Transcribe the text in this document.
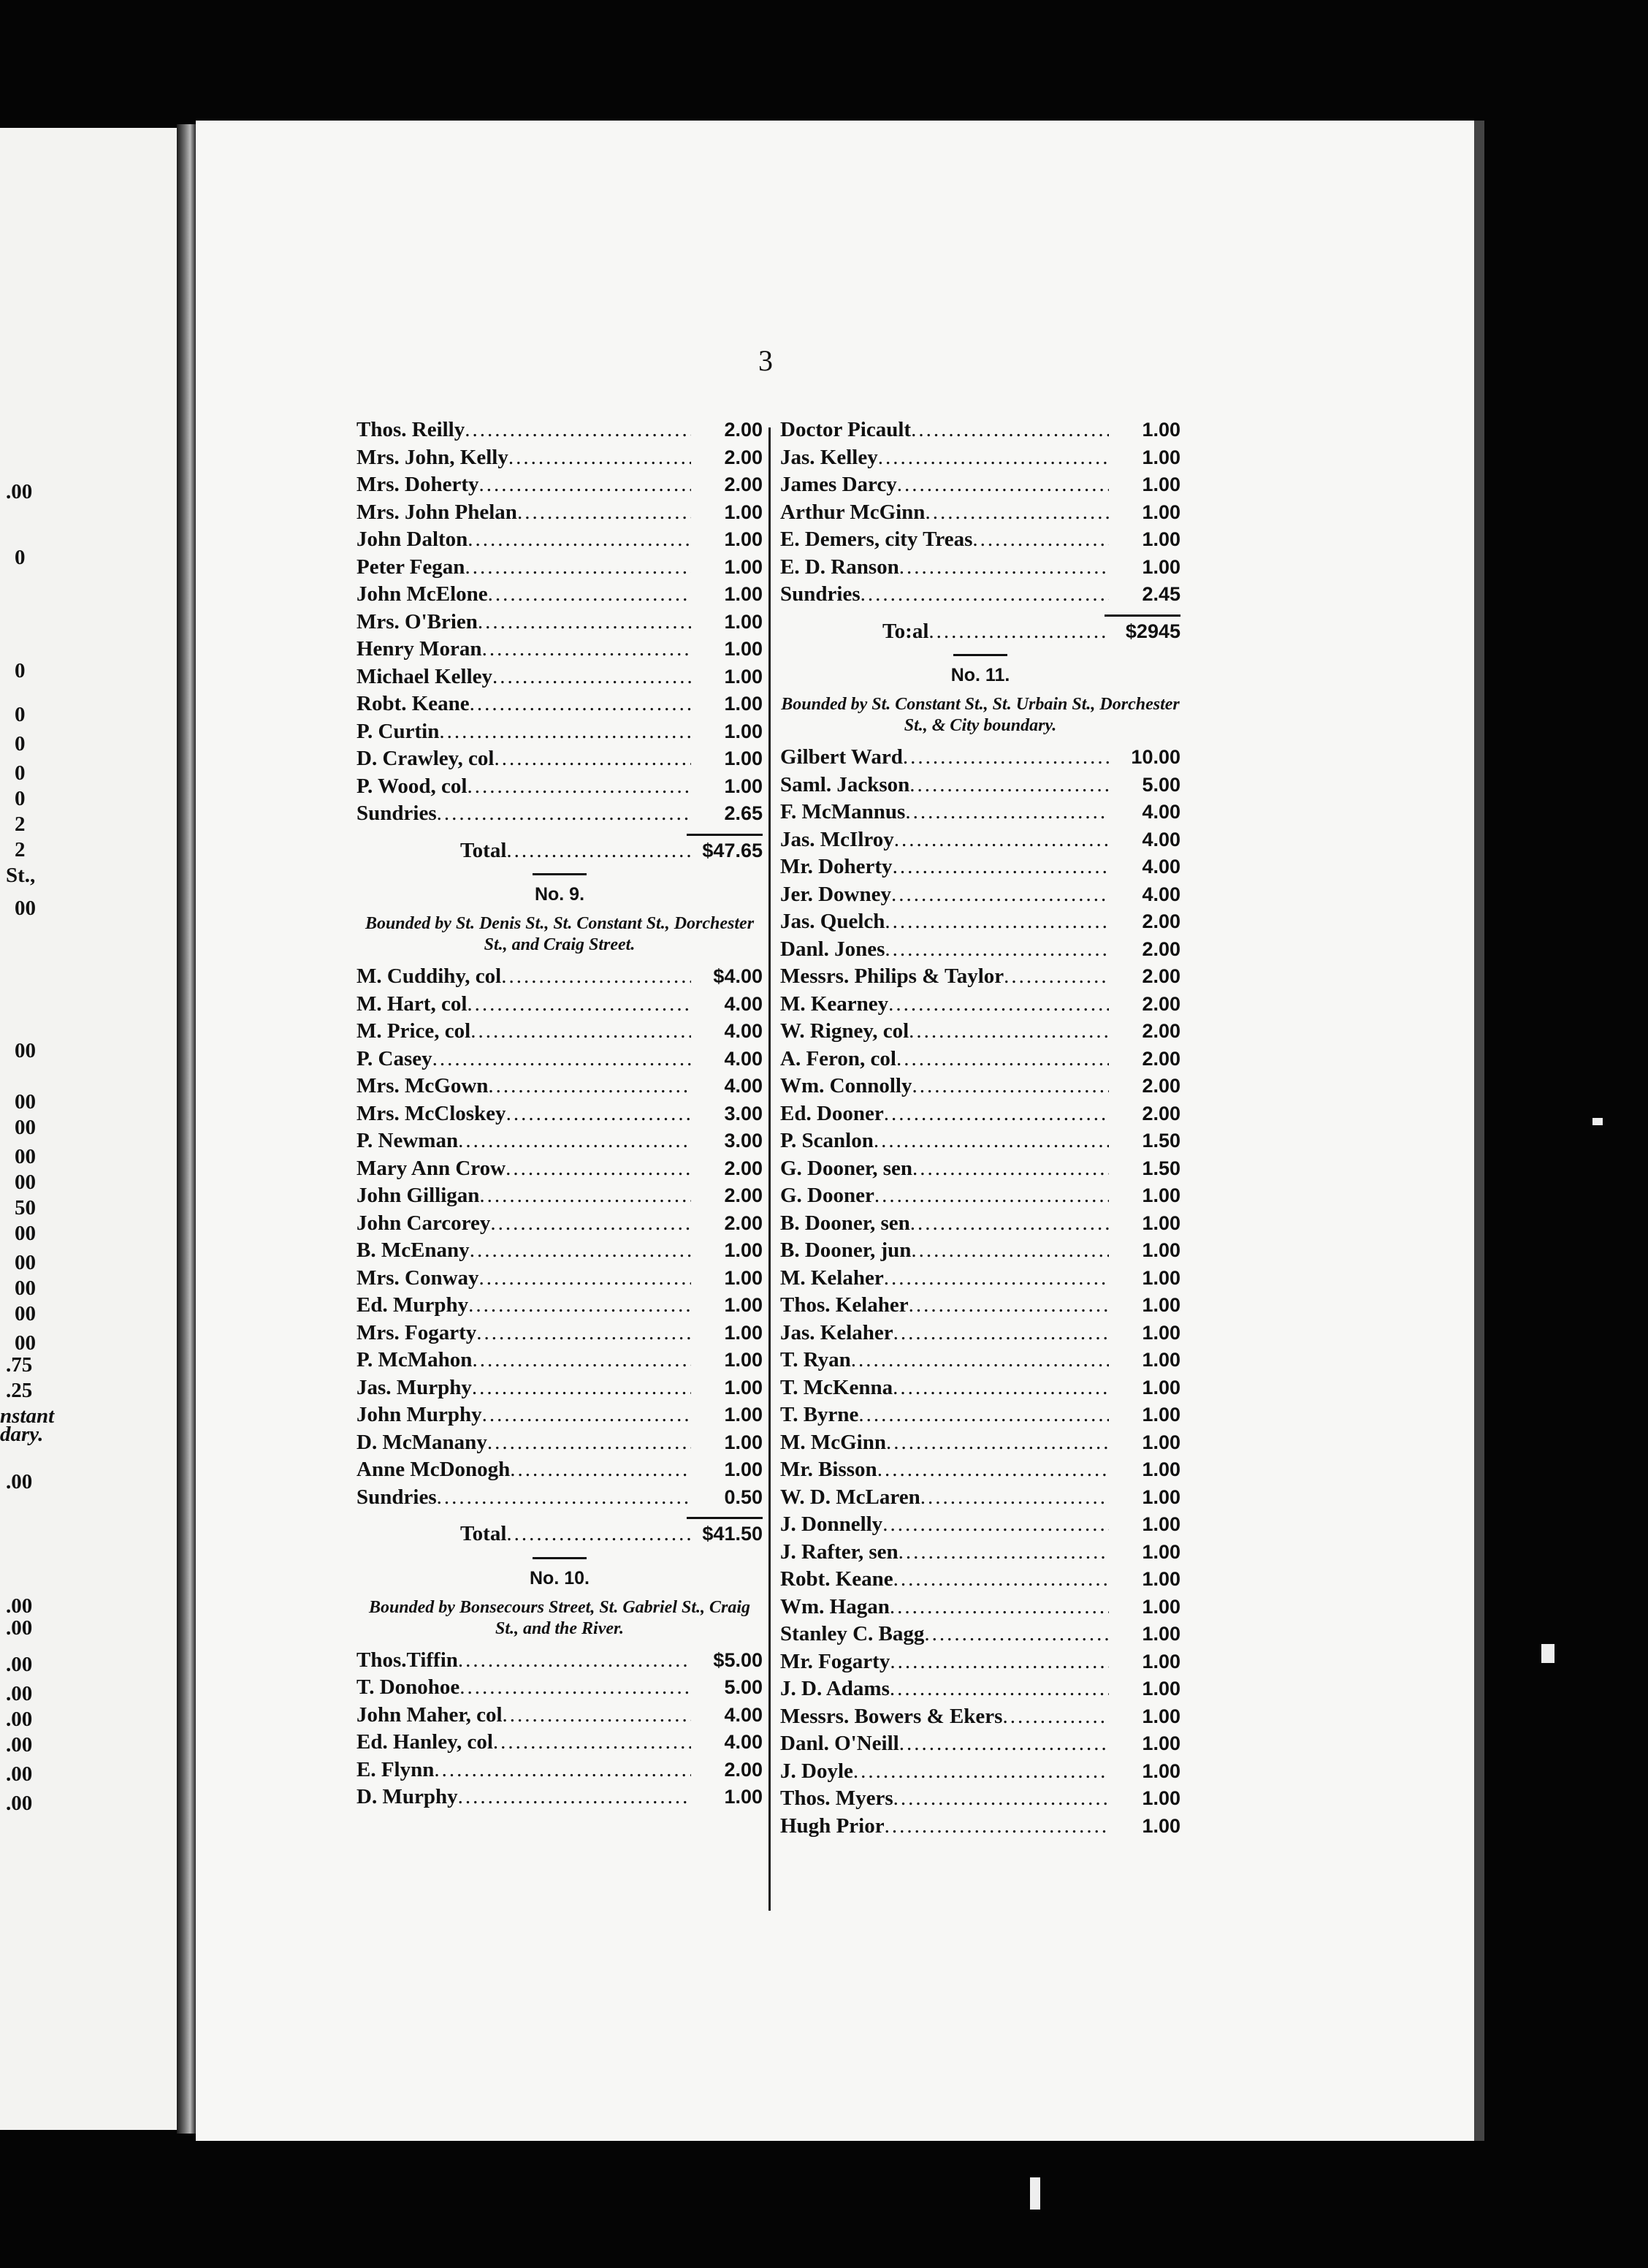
.00
0
0
0
0
0
0
2
2
St.,
00
00
00
00
00
00
50
00
00
00
00
00
.75
.25
nstant
dary.
.00
.00
.00
.00
.00
.00
.00
.00
.00
3
Thos. Reilly .....	2.00
Mrs. John, Kelly .....	2.00
Mrs. Doherty .....	2.00
Mrs. John Phelan .....	1.00
John Dalton .....	1.00
Peter Fegan .....	1.00
John McElone .....	1.00
Mrs. O'Brien .....	1.00
Henry Moran .....	1.00
Michael Kelley .....	1.00
Robt. Keane .....	1.00
P. Curtin .....	1.00
D. Crawley, col .....	1.00
P. Wood, col .....	1.00
Sundries .....	2.65
Total .....	$47.65
No. 9.
Bounded by St. Denis St., St. Constant St., Dorchester St., and Craig Street.
M. Cuddihy, col .....	$4.00
M. Hart, col .....	4.00
M. Price, col .....	4.00
P. Casey .....	4.00
Mrs. McGown .....	4.00
Mrs. McCloskey .....	3.00
P. Newman .....	3.00
Mary Ann Crow .....	2.00
John Gilligan .....	2.00
John Carcorey .....	2.00
B. McEnany .....	1.00
Mrs. Conway .....	1.00
Ed. Murphy .....	1.00
Mrs. Fogarty .....	1.00
P. McMahon .....	1.00
Jas. Murphy .....	1.00
John Murphy .....	1.00
D. McManany .....	1.00
Anne McDonogh .....	1.00
Sundries .....	0.50
Total .....	$41.50
No. 10.
Bounded by Bonsecours Street, St. Gabriel St., Craig St., and the River.
Thos.Tiffin .....	$5.00
T. Donohoe .....	5.00
John Maher, col .....	4.00
Ed. Hanley, col .....	4.00
E. Flynn .....	2.00
D. Murphy .....	1.00
Doctor Picault .....	1.00
Jas. Kelley .....	1.00
James Darcy .....	1.00
Arthur McGinn .....	1.00
E. Demers, city Treas .....	1.00
E. D. Ranson .....	1.00
Sundries .....	2.45
To:al .....	$2945
No. 11.
Bounded by St. Constant St., St. Urbain St., Dorchester St., & City boundary.
Gilbert Ward .....	10.00
Saml. Jackson .....	5.00
F. McMannus .....	4.00
Jas. McIlroy .....	4.00
Mr. Doherty .....	4.00
Jer. Downey .....	4.00
Jas. Quelch .....	2.00
Danl. Jones .....	2.00
Messrs. Philips & Taylor .....	2.00
M. Kearney .....	2.00
W. Rigney, col .....	2.00
A. Feron, col .....	2.00
Wm. Connolly .....	2.00
Ed. Dooner .....	2.00
P. Scanlon .....	1.50
G. Dooner, sen .....	1.50
G. Dooner .....	1.00
B. Dooner, sen .....	1.00
B. Dooner, jun .....	1.00
M. Kelaher .....	1.00
Thos. Kelaher .....	1.00
Jas. Kelaher .....	1.00
T. Ryan .....	1.00
T. McKenna .....	1.00
T. Byrne .....	1.00
M. McGinn .....	1.00
Mr. Bisson .....	1.00
W. D. McLaren .....	1.00
J. Donnelly .....	1.00
J. Rafter, sen .....	1.00
Robt. Keane .....	1.00
Wm. Hagan .....	1.00
Stanley C. Bagg .....	1.00
Mr. Fogarty .....	1.00
J. D. Adams .....	1.00
Messrs. Bowers & Ekers .....	1.00
Danl. O'Neill .....	1.00
J. Doyle .....	1.00
Thos. Myers .....	1.00
Hugh Prior .....	1.00
